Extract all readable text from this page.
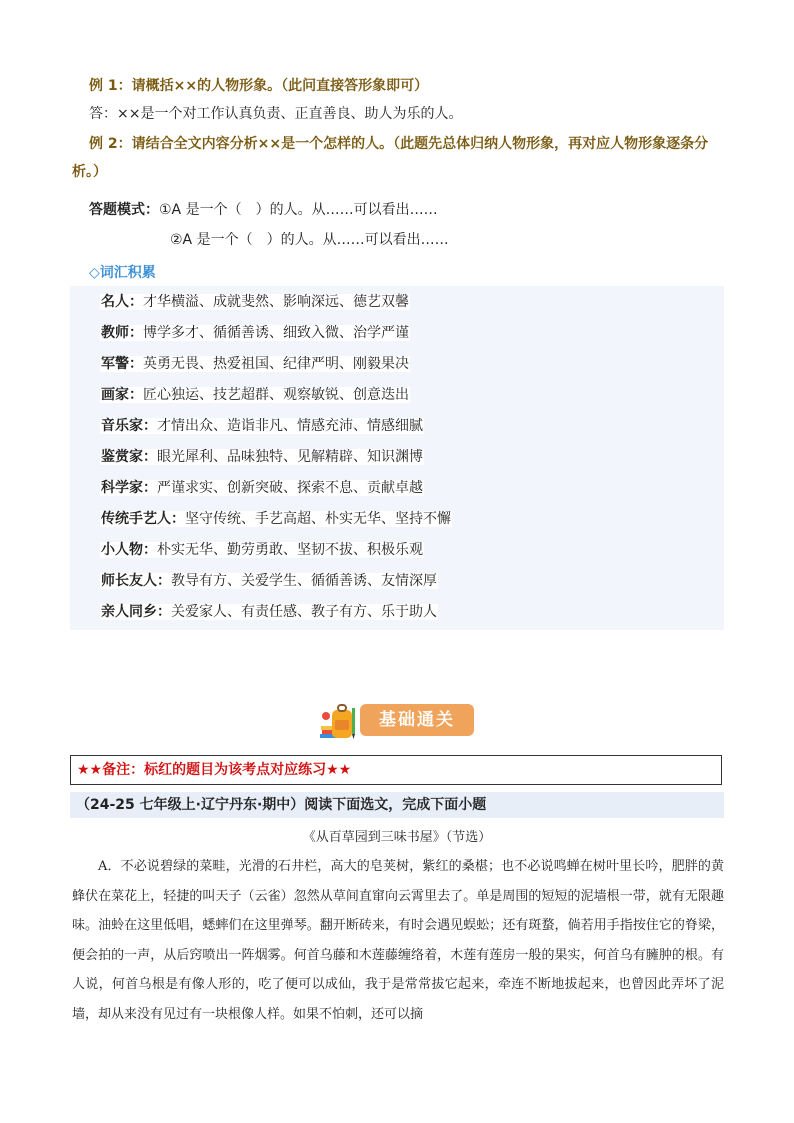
例 1：请概括××的人物形象。（此问直接答形象即可）
答：××是一个对工作认真负责、正直善良、助人为乐的人。
例 2：请结合全文内容分析××是一个怎样的人。（此题先总体归纳人物形象，再对应人物形象逐条分析。）
答题模式：①A 是一个（　）的人。从……可以看出……
②A 是一个（　）的人。从……可以看出……
◇词汇积累
名人：才华横溢、成就斐然、影响深远、德艺双馨
教师：博学多才、循循善诱、细致入微、治学严谨
军警：英勇无畏、热爱祖国、纪律严明、刚毅果决
画家：匠心独运、技艺超群、观察敏锐、创意迭出
音乐家：才情出众、造诣非凡、情感充沛、情感细腻
鉴赏家：眼光犀利、品味独特、见解精辟、知识渊博
科学家：严谨求实、创新突破、探索不息、贡献卓越
传统手艺人：坚守传统、手艺高超、朴实无华、坚持不懈
小人物：朴实无华、勤劳勇敢、坚韧不拔、积极乐观
师长友人：教导有方、关爱学生、循循善诱、友情深厚
亲人同乡：关爱家人、有责任感、教子有方、乐于助人
基础通关
★★备注：标红的题目为该考点对应练习★★
（24-25 七年级上·辽宁丹东·期中）阅读下面选文，完成下面小题
《从百草园到三味书屋》（节选）
A．不必说碧绿的菜畦，光滑的石井栏，高大的皂荚树，紫红的桑椹；也不必说鸣蝉在树叶里长吟，肥胖的黄蜂伏在菜花上，轻捷的叫天子（云雀）忽然从草间直窜向云霄里去了。单是周围的短短的泥墙根一带，就有无限趣味。油蛉在这里低唱，蟋蟀们在这里弹琴。翻开断砖来，有时会遇见蜈蚣；还有斑蝥，倘若用手指按住它的脊梁，便会拍的一声，从后窍喷出一阵烟雾。何首乌藤和木莲藤缠络着，木莲有莲房一般的果实，何首乌有臃肿的根。有人说，何首乌根是有像人形的，吃了便可以成仙，我于是常常拔它起来，牵连不断地拔起来，也曾因此弄坏了泥墙，却从来没有见过有一块根像人样。如果不怕刺，还可以摘
